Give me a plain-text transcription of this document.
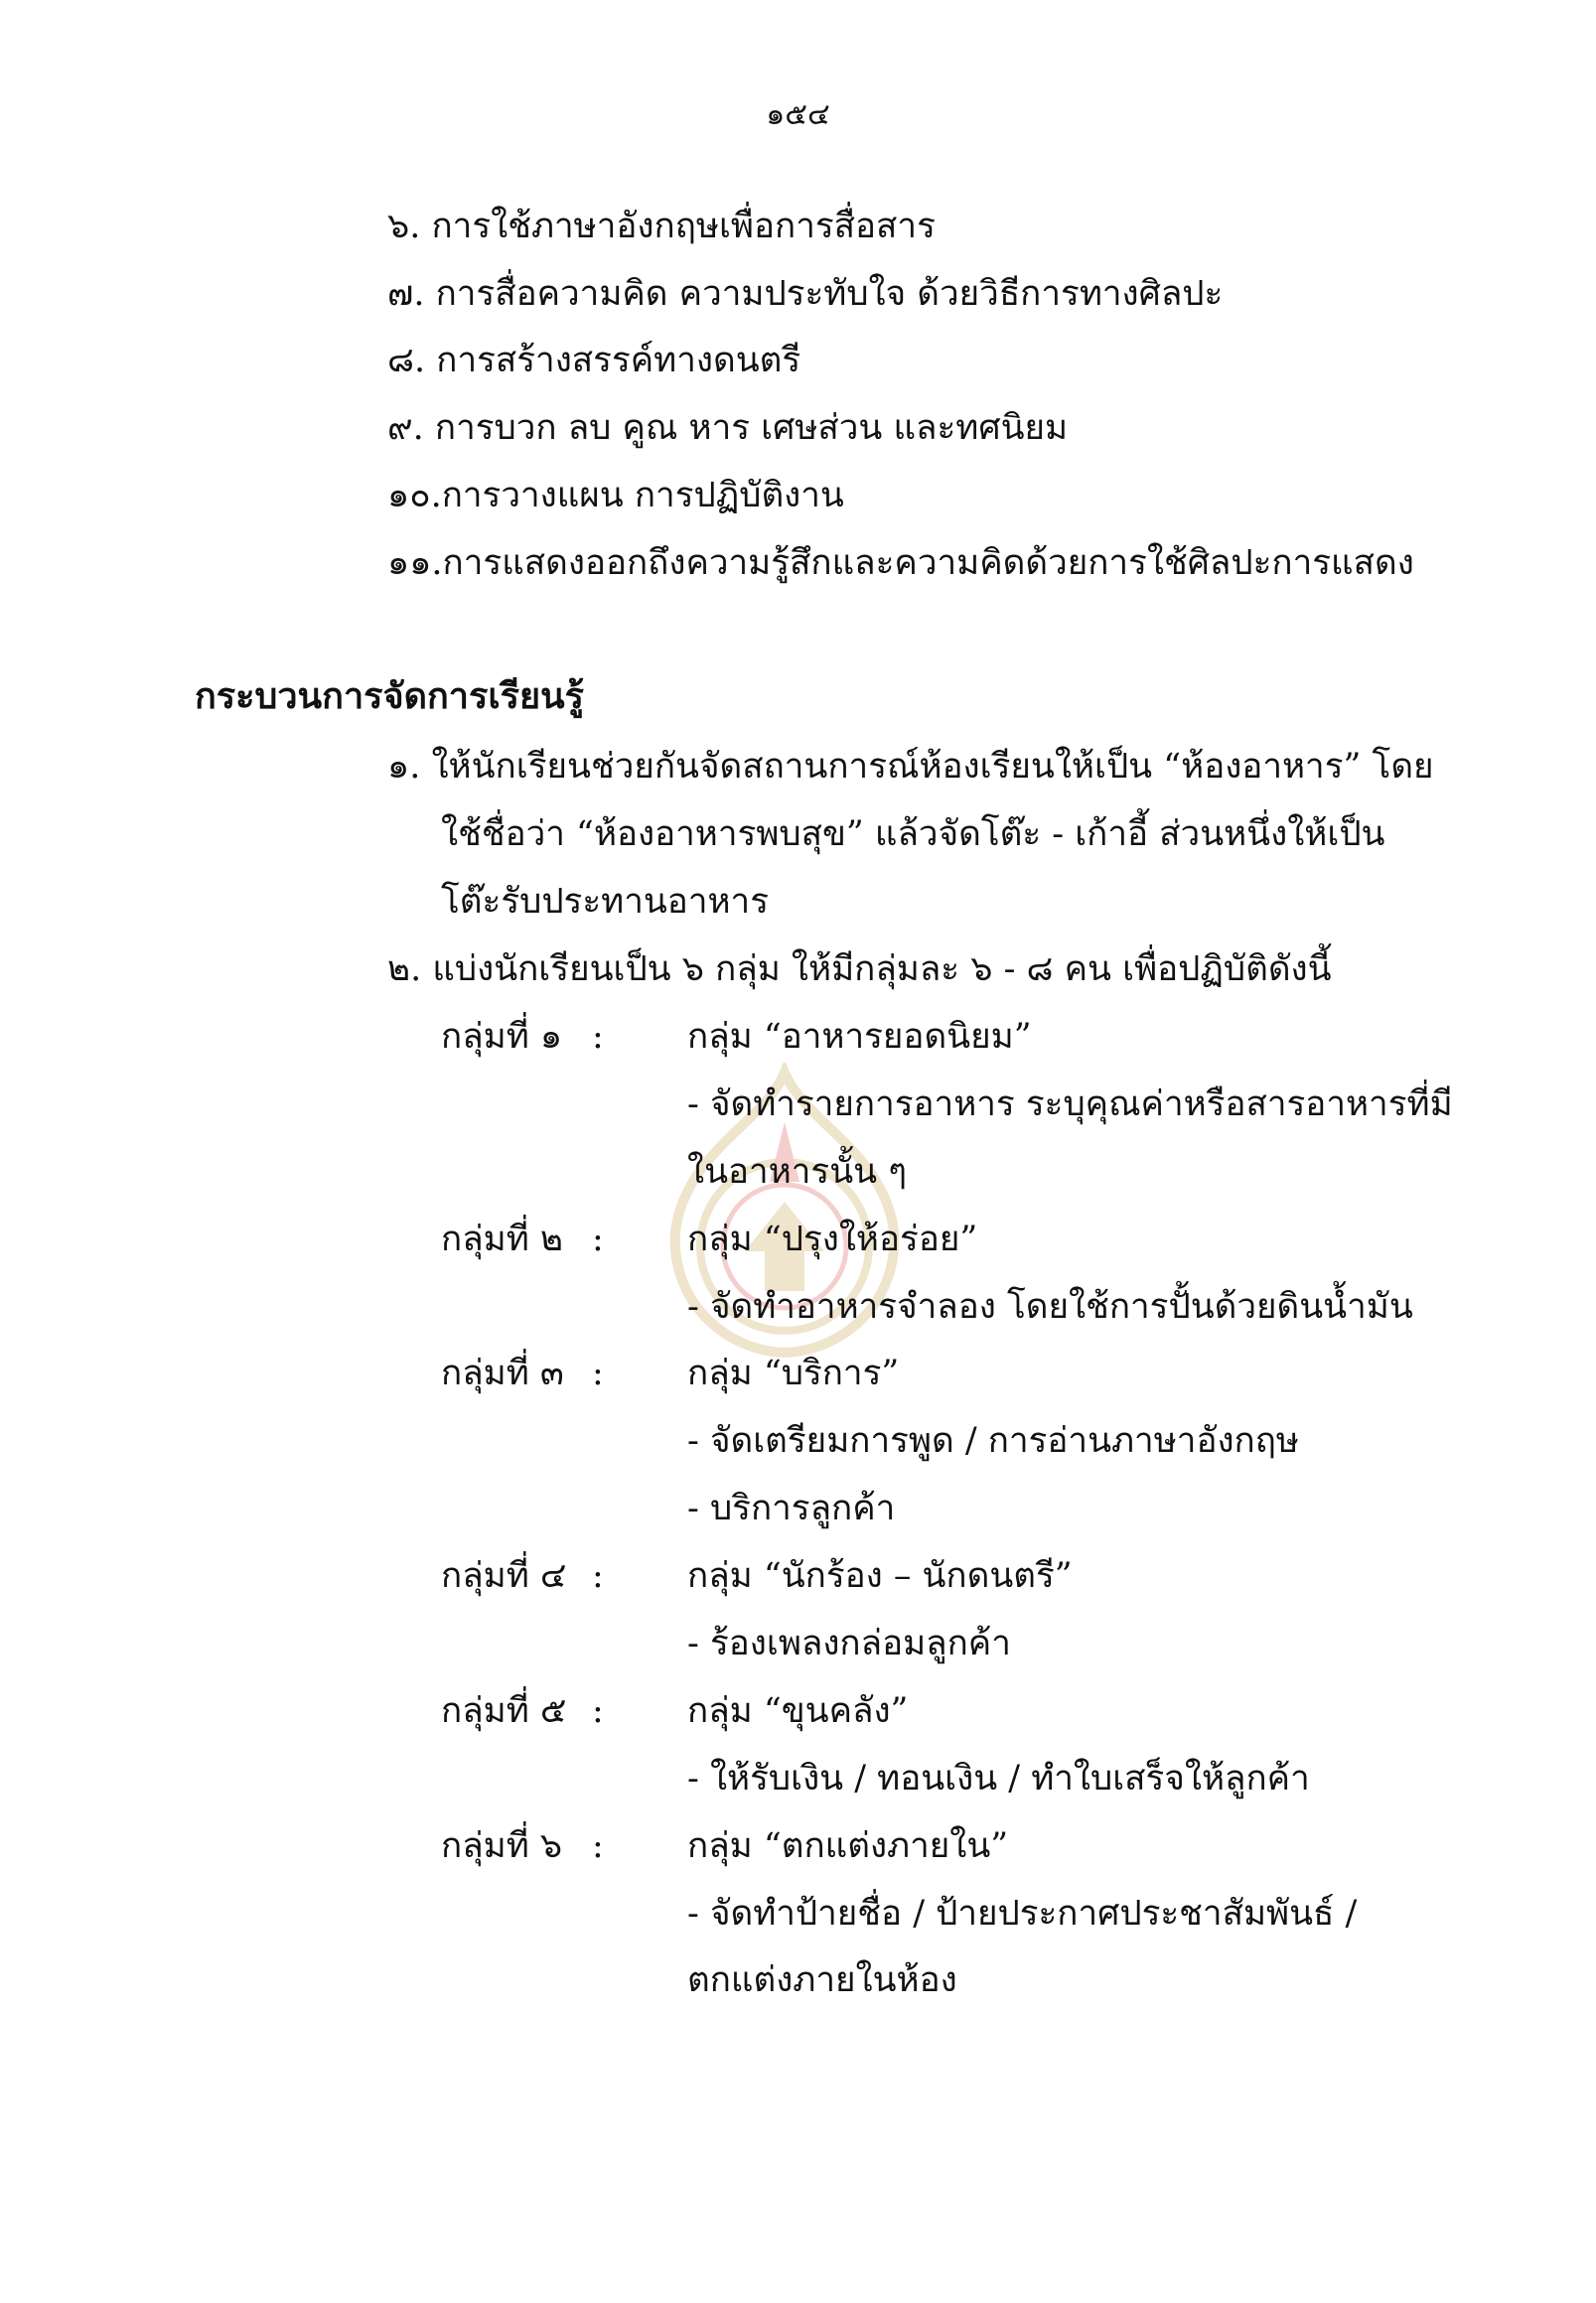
๑๕๔
๖. การใช้ภาษาอังกฤษเพื่อการสื่อสาร
๗. การสื่อความคิด ความประทับใจ ด้วยวิธีการทางศิลปะ
๘. การสร้างสรรค์ทางดนตรี
๙. การบวก ลบ คูณ หาร เศษส่วน และทศนิยม
๑๐.การวางแผน การปฏิบัติงาน
๑๑.การแสดงออกถึงความรู้สึกและความคิดด้วยการใช้ศิลปะการแสดง
กระบวนการจัดการเรียนรู้
๑. ให้นักเรียนช่วยกันจัดสถานการณ์ห้องเรียนให้เป็น “ห้องอาหาร” โดย
ใช้ชื่อว่า “ห้องอาหารพบสุข” แล้วจัดโต๊ะ - เก้าอี้ ส่วนหนึ่งให้เป็น
โต๊ะรับประทานอาหาร
๒. แบ่งนักเรียนเป็น ๖ กลุ่ม ให้มีกลุ่มละ ๖ - ๘ คน เพื่อปฏิบัติดังนี้
กลุ่มที่ ๑ : กลุ่ม “อาหารยอดนิยม”
- จัดทำรายการอาหาร ระบุคุณค่าหรือสารอาหารที่มี
ในอาหารนั้น ๆ
กลุ่มที่ ๒ : กลุ่ม “ปรุงให้อร่อย”
- จัดทำอาหารจำลอง โดยใช้การปั้นด้วยดินน้ำมัน
กลุ่มที่ ๓ : กลุ่ม “บริการ”
- จัดเตรียมการพูด / การอ่านภาษาอังกฤษ
- บริการลูกค้า
กลุ่มที่ ๔ : กลุ่ม “นักร้อง – นักดนตรี”
- ร้องเพลงกล่อมลูกค้า
กลุ่มที่ ๕ : กลุ่ม “ขุนคลัง”
- ให้รับเงิน / ทอนเงิน / ทำใบเสร็จให้ลูกค้า
กลุ่มที่ ๖ : กลุ่ม “ตกแต่งภายใน”
- จัดทำป้ายชื่อ / ป้ายประกาศประชาสัมพันธ์ /
ตกแต่งภายในห้อง
